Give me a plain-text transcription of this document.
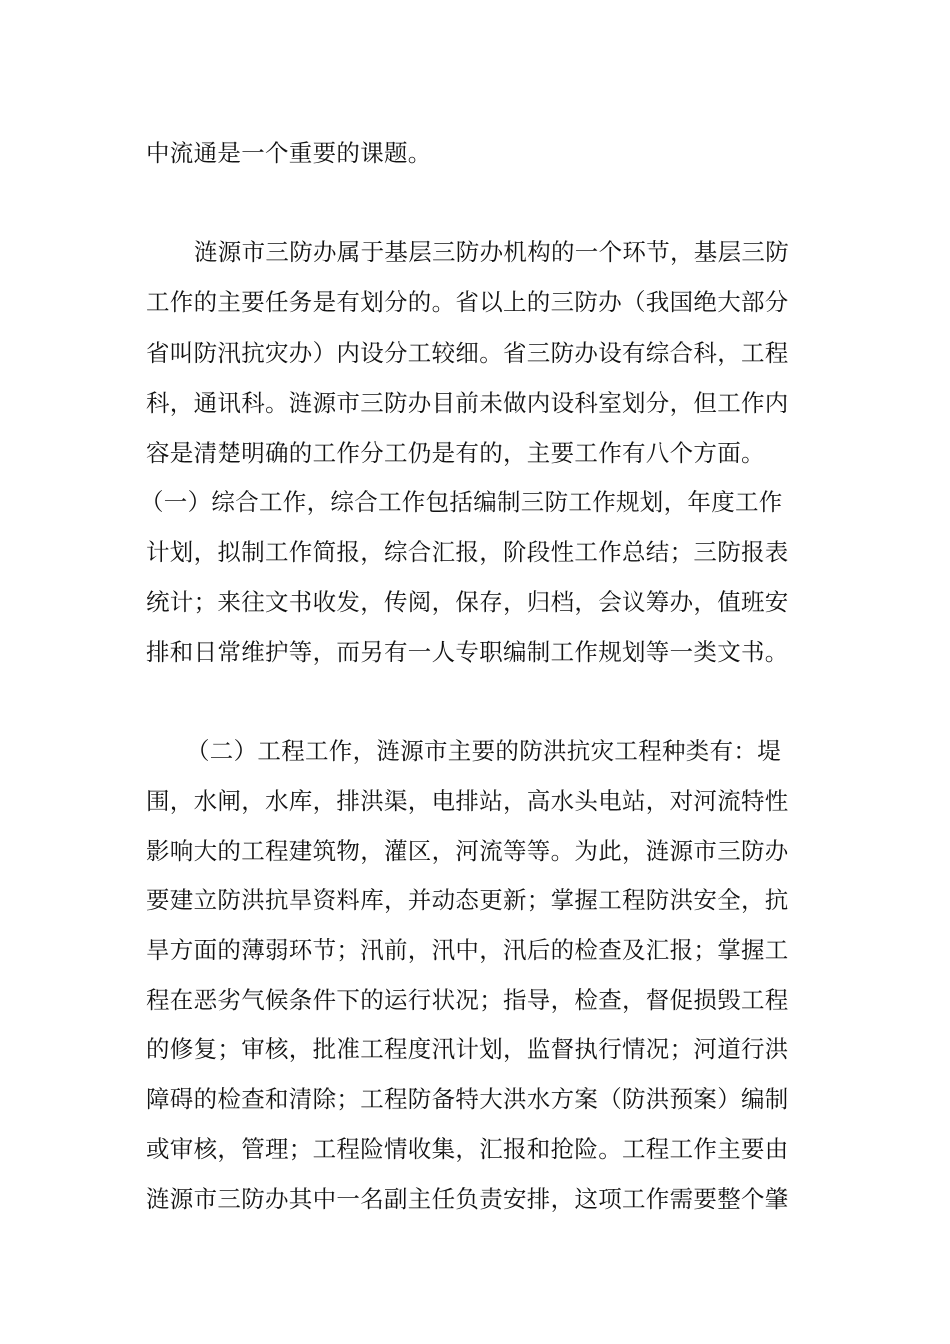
中流通是一个重要的课题。
涟源市三防办属于基层三防办机构的一个环节，基层三防
工作的主要任务是有划分的。省以上的三防办（我国绝大部分
省叫防汛抗灾办）内设分工较细。省三防办设有综合科，工程
科，通讯科。涟源市三防办目前未做内设科室划分，但工作内
容是清楚明确的工作分工仍是有的，主要工作有八个方面。
（一）综合工作，综合工作包括编制三防工作规划，年度工作
计划，拟制工作简报，综合汇报，阶段性工作总结；三防报表
统计；来往文书收发，传阅，保存，归档，会议筹办，值班安
排和日常维护等，而另有一人专职编制工作规划等一类文书。
（二）工程工作，涟源市主要的防洪抗灾工程种类有：堤
围，水闸，水库，排洪渠，电排站，高水头电站，对河流特性
影响大的工程建筑物，灌区，河流等等。为此，涟源市三防办
要建立防洪抗旱资料库，并动态更新；掌握工程防洪安全，抗
旱方面的薄弱环节；汛前，汛中，汛后的检查及汇报；掌握工
程在恶劣气候条件下的运行状况；指导，检查，督促损毁工程
的修复；审核，批准工程度汛计划，监督执行情况；河道行洪
障碍的检查和清除；工程防备特大洪水方案（防洪预案）编制
或审核，管理；工程险情收集，汇报和抢险。工程工作主要由
涟源市三防办其中一名副主任负责安排，这项工作需要整个肇
